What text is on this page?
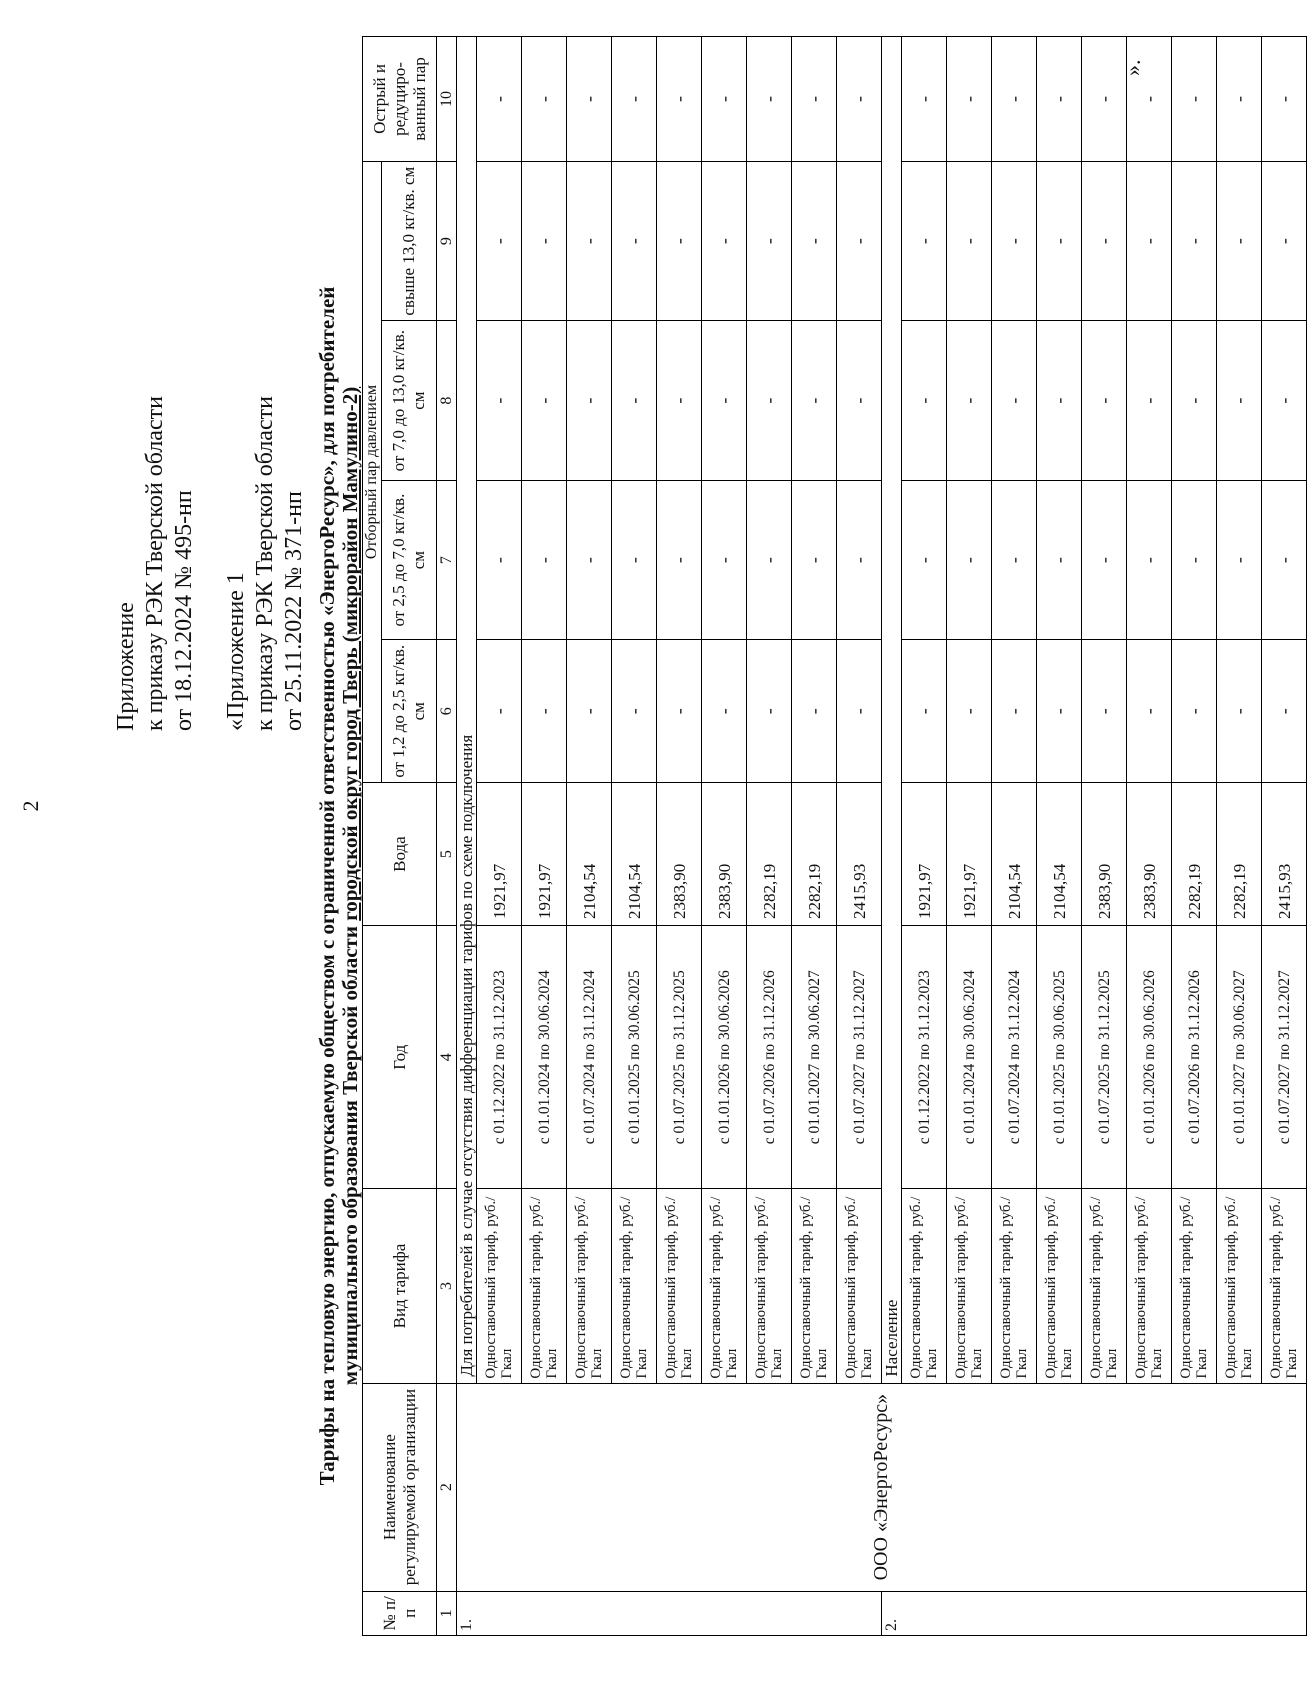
2
Приложение к приказу РЭК Тверской области от 18.12.2024 № 495-нп «Приложение 1 к приказу РЭК Тверской области от 25.11.2022 № 371-нп Тарифы на тепловую энергию, отпускаемую обществом с ограниченной ответственностью «ЭнергоРесурс», для потребителей муниципального образования Тверской области городской округ город Тверь (микрорайон Мамулино-2)
№ п/п	Наименование регулируемой организации	Вид тарифа	Год	Вода	Отборный пар давлением				Острый и редуциро-ванный пар
					от 1,2 до 2,5 кг/кв. см	от 2,5 до 7,0 кг/кв. см	от 7,0 до 13,0 кг/кв. см	свыше 13,0 кг/кв. см	
1	2	3	4	5	6	7	8	9	10
1.	ООО «ЭнергоРесурс»	Для потребителей в случае отсутствия дифференциации тарифов по схеме подключения							
		Одноставочный тариф, руб./Гкал	с 01.12.2022 по 31.12.2023	1921,97	-	-	-	-	-
		Одноставочный тариф, руб./Гкал	с 01.01.2024 по 30.06.2024	1921,97	-	-	-	-	-
		Одноставочный тариф, руб./Гкал	с 01.07.2024 по 31.12.2024	2104,54	-	-	-	-	-
		Одноставочный тариф, руб./Гкал	с 01.01.2025 по 30.06.2025	2104,54	-	-	-	-	-
		Одноставочный тариф, руб./Гкал	с 01.07.2025 по 31.12.2025	2383,90	-	-	-	-	-
		Одноставочный тариф, руб./Гкал	с 01.01.2026 по 30.06.2026	2383,90	-	-	-	-	-
		Одноставочный тариф, руб./Гкал	с 01.07.2026 по 31.12.2026	2282,19	-	-	-	-	-
		Одноставочный тариф, руб./Гкал	с 01.01.2027 по 30.06.2027	2282,19	-	-	-	-	-
		Одноставочный тариф, руб./Гкал	с 01.07.2027 по 31.12.2027	2415,93	-	-	-	-	-
2.		Население							
		Одноставочный тариф, руб./Гкал	с 01.12.2022 по 31.12.2023	1921,97	-	-	-	-	-
		Одноставочный тариф, руб./Гкал	с 01.01.2024 по 30.06.2024	1921,97	-	-	-	-	-
		Одноставочный тариф, руб./Гкал	с 01.07.2024 по 31.12.2024	2104,54	-	-	-	-	-
		Одноставочный тариф, руб./Гкал	с 01.01.2025 по 30.06.2025	2104,54	-	-	-	-	-
		Одноставочный тариф, руб./Гкал	с 01.07.2025 по 31.12.2025	2383,90	-	-	-	-	-
		Одноставочный тариф, руб./Гкал	с 01.01.2026 по 30.06.2026	2383,90	-	-	-	-	-
		Одноставочный тариф, руб./Гкал	с 01.07.2026 по 31.12.2026	2282,19	-	-	-	-	-
		Одноставочный тариф, руб./Гкал	с 01.01.2027 по 30.06.2027	2282,19	-	-	-	-	-
		Одноставочный тариф, руб./Гкал	с 01.07.2027 по 31.12.2027	2415,93	-	-	-	-	-
».
